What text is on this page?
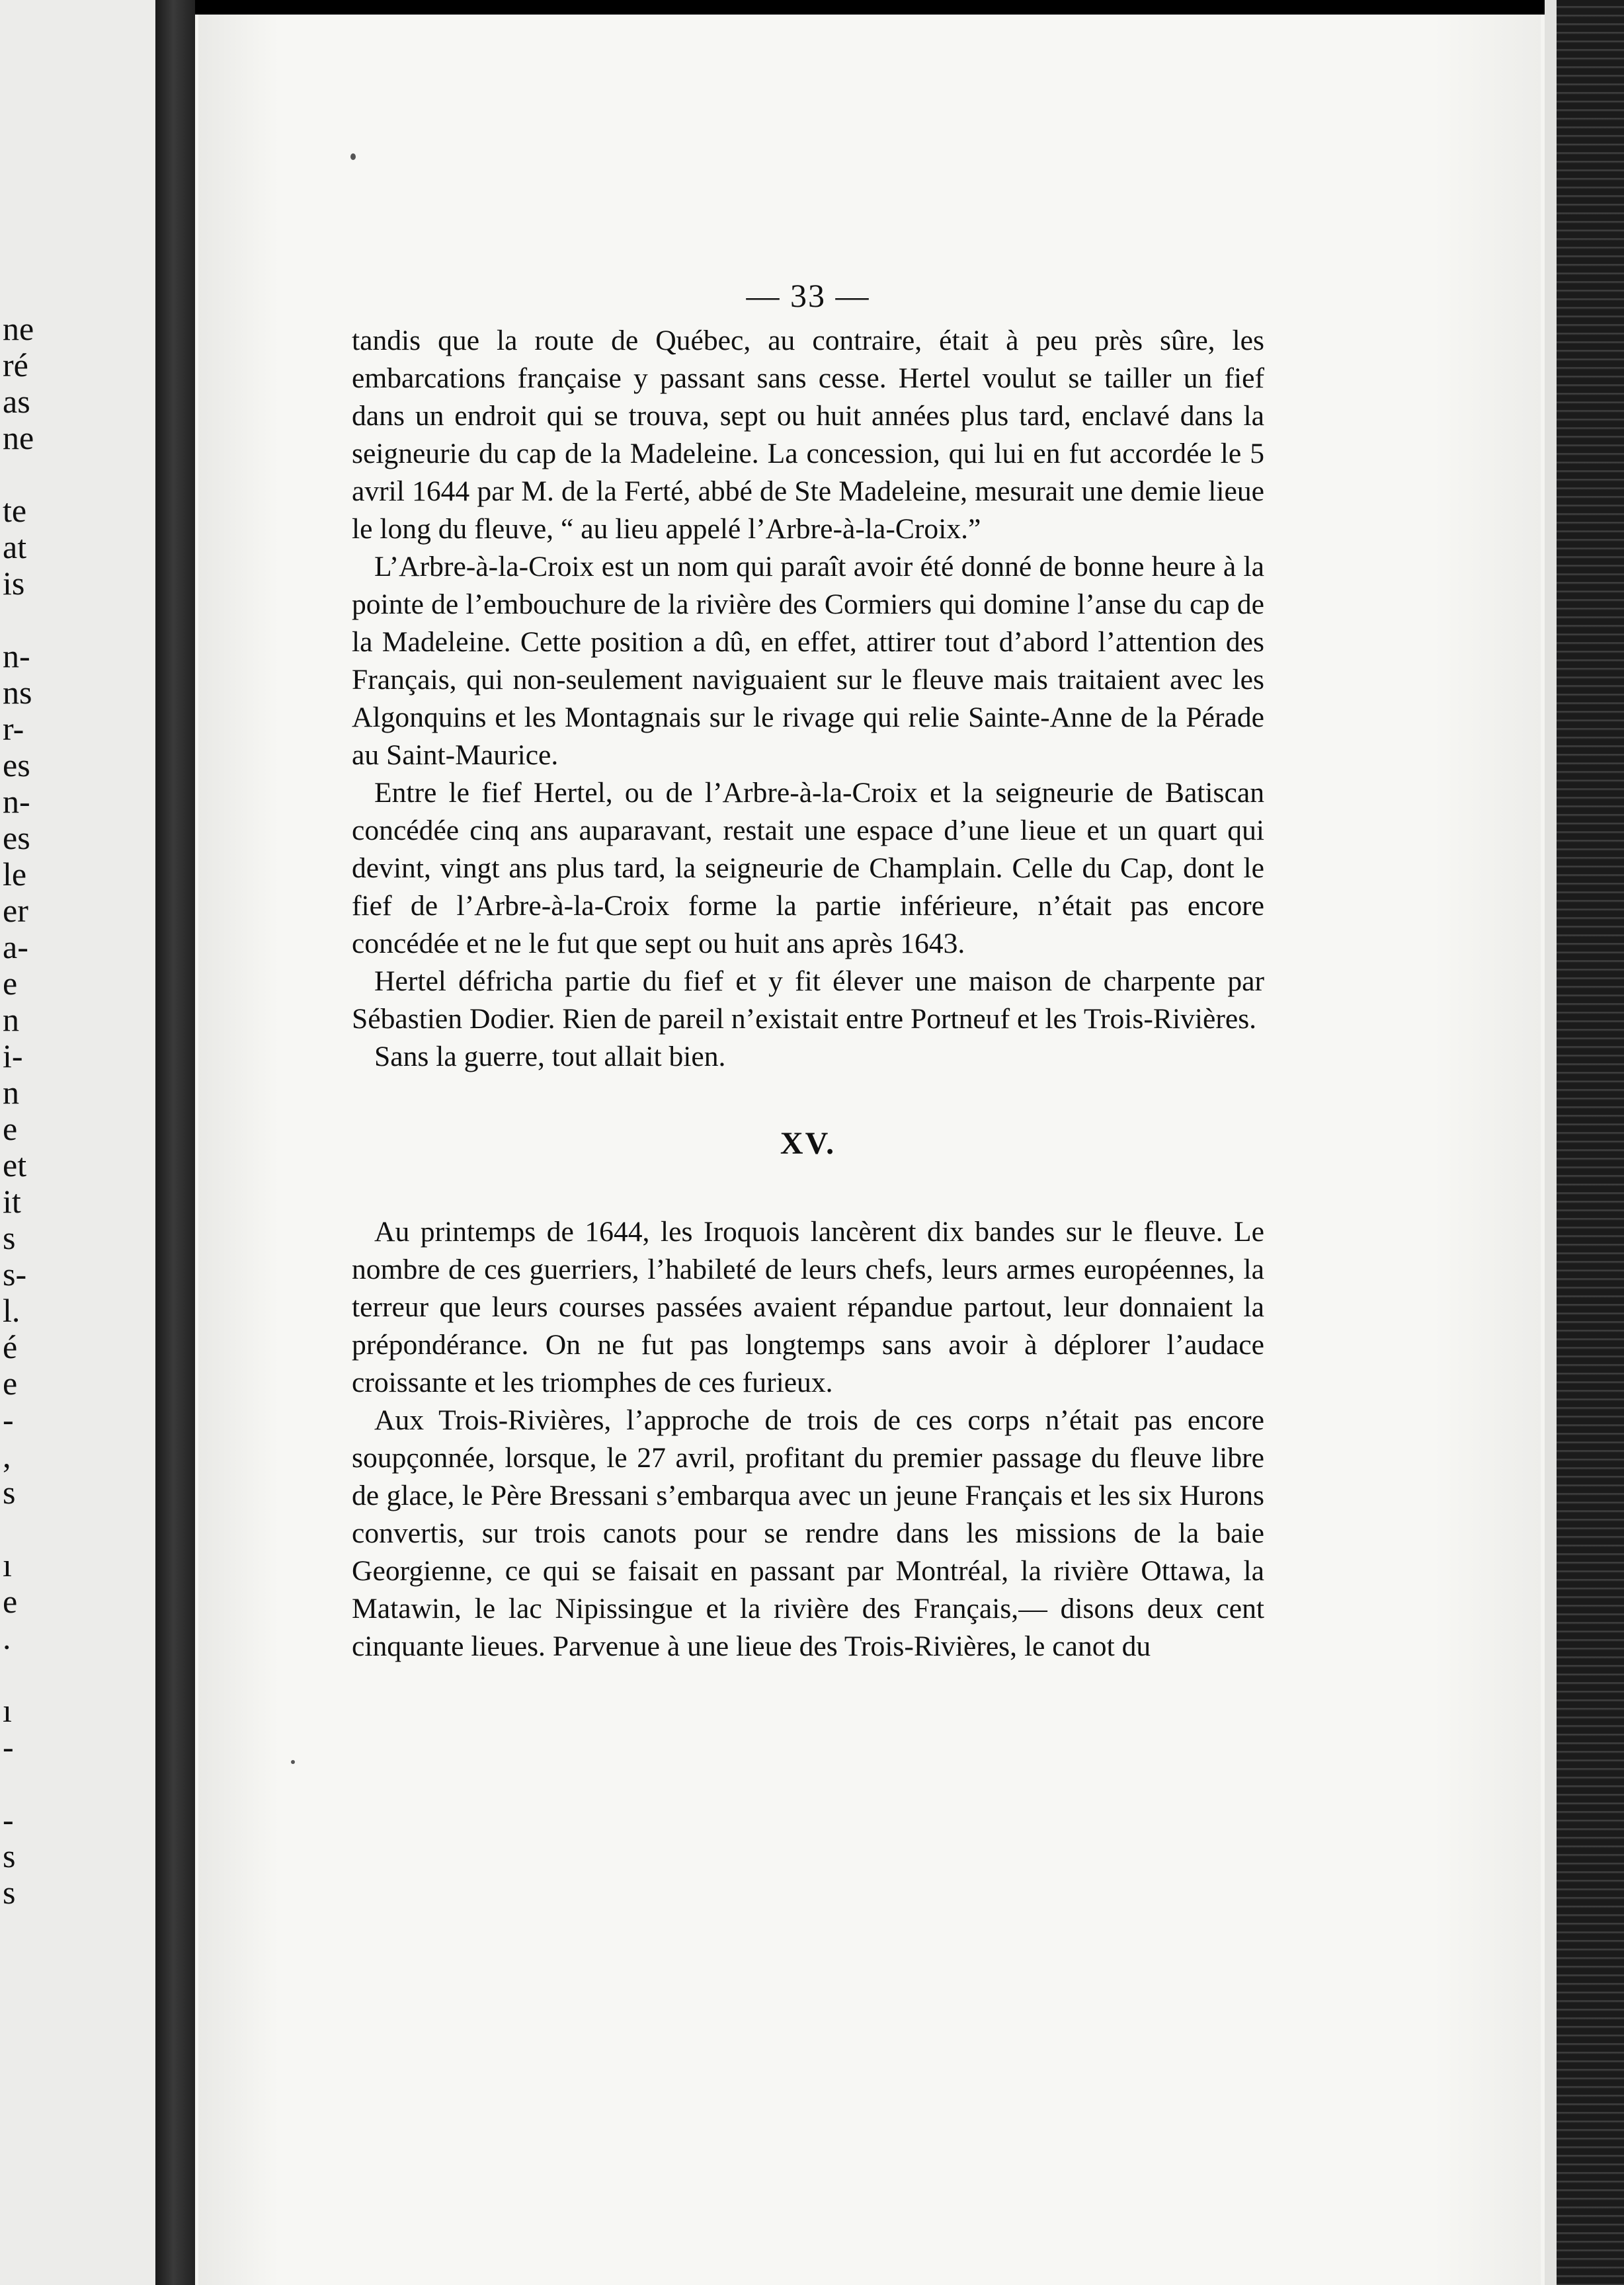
ne
ré
as
ne
te
at
is
n-
ns
r-
es
n-
es
le
er
a-
e
n
i-
n
e
et
it
s
s-
l.
é
e
-
,
s
ı
e
.
ı
-
-
s
s
— 33 —

tandis que la route de Québec, au contraire, était à peu près sûre, les embarcations française y passant sans cesse. Hertel voulut se tailler un fief dans un endroit qui se trouva, sept ou huit années plus tard, enclavé dans la seigneurie du cap de la Madeleine. La concession, qui lui en fut accordée le 5 avril 1644 par M. de la Ferté, abbé de Ste Madeleine, mesurait une demie lieue le long du fleuve, “ au lieu appelé l’Arbre-à-la-Croix.”

L’Arbre-à-la-Croix est un nom qui paraît avoir été donné de bonne heure à la pointe de l’embouchure de la rivière des Cormiers qui domine l’anse du cap de la Madeleine. Cette position a dû, en effet, attirer tout d’abord l’attention des Français, qui non-seulement naviguaient sur le fleuve mais traitaient avec les Algonquins et les Montagnais sur le rivage qui relie Sainte-Anne de la Pérade au Saint-Maurice.

Entre le fief Hertel, ou de l’Arbre-à-la-Croix et la seigneurie de Batiscan concédée cinq ans auparavant, restait une espace d’une lieue et un quart qui devint, vingt ans plus tard, la seigneurie de Champlain. Celle du Cap, dont le fief de l’Arbre-à-la-Croix forme la partie inférieure, n’était pas encore concédée et ne le fut que sept ou huit ans après 1643.

Hertel défricha partie du fief et y fit élever une maison de charpente par Sébastien Dodier. Rien de pareil n’existait entre Portneuf et les Trois-Rivières.

Sans la guerre, tout allait bien.

XV.

Au printemps de 1644, les Iroquois lancèrent dix bandes sur le fleuve. Le nombre de ces guerriers, l’habileté de leurs chefs, leurs armes européennes, la terreur que leurs courses passées avaient répandue partout, leur donnaient la prépondérance. On ne fut pas longtemps sans avoir à déplorer l’audace croissante et les triomphes de ces furieux.

Aux Trois-Rivières, l’approche de trois de ces corps n’était pas encore soupçonnée, lorsque, le 27 avril, profitant du premier passage du fleuve libre de glace, le Père Bressani s’embarqua avec un jeune Français et les six Hurons convertis, sur trois canots pour se rendre dans les missions de la baie Georgienne, ce qui se faisait en passant par Montréal, la rivière Ottawa, la Matawin, le lac Nipissingue et la rivière des Français,— disons deux cent cinquante lieues. Parvenue à une lieue des Trois-Rivières, le canot du
